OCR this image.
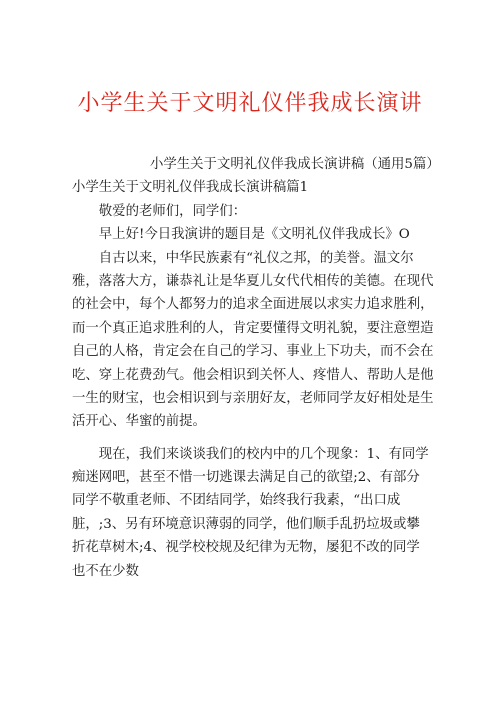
小学生关于文明礼仪伴我成长演讲

小学生关于文明礼仪伴我成长演讲稿（通用5篇）

小学生关于文明礼仪伴我成长演讲稿篇1

敬爱的老师们，同学们：

早上好!今日我演讲的题目是《文明礼仪伴我成长》O

自古以来，中华民族素有“礼仪之邦，的美誉。温文尔

雅，落落大方，谦恭礼让是华夏儿女代代相传的美德。在现代

的社会中，每个人都努力的追求全面进展以求实力追求胜利，

而一个真正追求胜利的人，肯定要懂得文明礼貌，要注意塑造

自己的人格，肯定会在自己的学习、事业上下功夫，而不会在

吃、穿上花费劲气。他会相识到关怀人、疼惜人、帮助人是他

一生的财宝，也会相识到与亲朋好友，老师同学友好相处是生

活开心、华蜜的前提。

现在，我们来谈谈我们的校内中的几个现象：1、有同学

痴迷网吧，甚至不惜一切逃课去满足自己的欲望;2、有部分

同学不敬重老师、不团结同学，始终我行我素，“出口成

脏，;3、另有环境意识薄弱的同学，他们顺手乱扔垃圾或攀

折花草树木;4、视学校校规及纪律为无物，屡犯不改的同学

也不在少数
